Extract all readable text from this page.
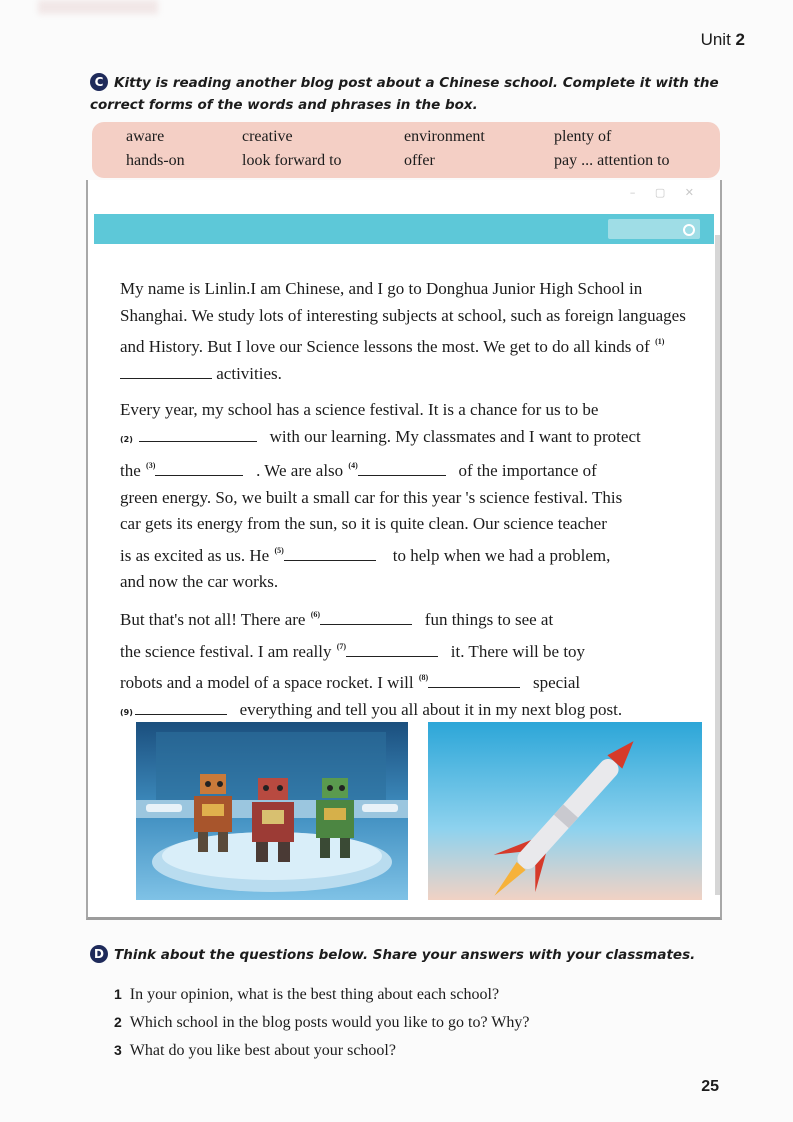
Unit 2
C Kitty is reading another blog post about a Chinese school. Complete it with the correct forms of the words and phrases in the box.
aware	creative	environment	plenty of
hands-on	look forward to	offer	pay ... attention to
– ▢ ✕
My name is Linlin.I am Chinese, and I go to Donghua Junior High School in Shanghai. We study lots of interesting subjects at school, such as foreign languages and History. But I love our Science lessons the most. We get to do all kinds of $^{(1)}$ activities.
Every year, my school has a science festival. It is a chance for us to be
(2)	with our learning. My classmates and I want to protect
the $^{(3)}$	. We are also $^{(4)}$	of the importance of
green energy. So, we built a small car for this year 's science festival. This
car gets its energy from the sun, so it is quite clean. Our science teacher
is as excited as us. He $^{(5)}$	to help when we had a problem,
and now the car works.
But that's not all! There are $^{(6)}$	fun things to see at
the science festival. I am really $^{(7)}$	it. There will be toy
robots and a model of a space rocket. I will $^{(8)}$	special
(9)	everything and tell you all about it in my next blog post.
D Think about the questions below. Share your answers with your classmates.
1 In your opinion, what is the best thing about each school?
2 Which school in the blog posts would you like to go to? Why?
3 What do you like best about your school?
25
